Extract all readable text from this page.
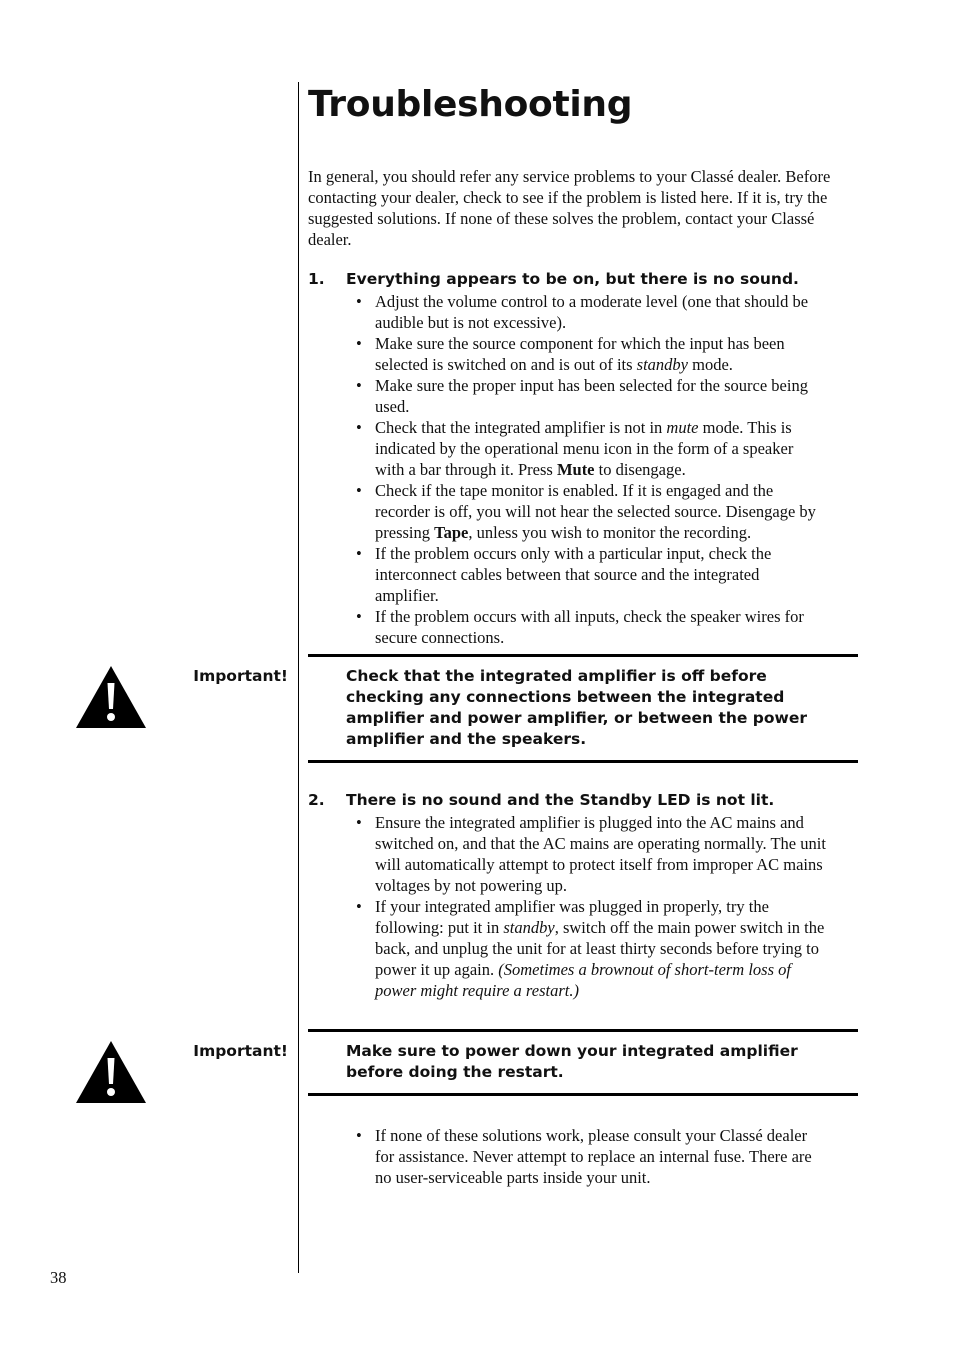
Troubleshooting

In general, you should refer any service problems to your Classé dealer. Before contacting your dealer, check to see if the problem is listed here. If it is, try the suggested solutions. If none of these solves the problem, contact your Classé dealer.

1. Everything appears to be on, but there is no sound.
• Adjust the volume control to a moderate level (one that should be audible but is not excessive).
• Make sure the source component for which the input has been selected is switched on and is out of its standby mode.
• Make sure the proper input has been selected for the source being used.
• Check that the integrated amplifier is not in mute mode. This is indicated by the operational menu icon in the form of a speaker with a bar through it. Press Mute to disengage.
• Check if the tape monitor is enabled. If it is engaged and the recorder is off, you will not hear the selected source. Disengage by pressing Tape, unless you wish to monitor the recording.
• If the problem occurs only with a particular input, check the interconnect cables between that source and the integrated amplifier.
• If the problem occurs with all inputs, check the speaker wires for secure connections.
Important!	Check that the integrated amplifier is off before checking any connections between the integrated amplifier and power amplifier, or between the power amplifier and the speakers.

2. There is no sound and the Standby LED is not lit.
• Ensure the integrated amplifier is plugged into the AC mains and switched on, and that the AC mains are operating normally. The unit will automatically attempt to protect itself from improper AC mains voltages by not powering up.
• If your integrated amplifier was plugged in properly, try the following: put it in standby, switch off the main power switch in the back, and unplug the unit for at least thirty seconds before trying to power it up again. (Sometimes a brownout of short-term loss of power might require a restart.)
Important!	Make sure to power down your integrated amplifier before doing the restart.

• If none of these solutions work, please consult your Classé dealer for assistance. Never attempt to replace an internal fuse. There are no user-serviceable parts inside your unit.
38
